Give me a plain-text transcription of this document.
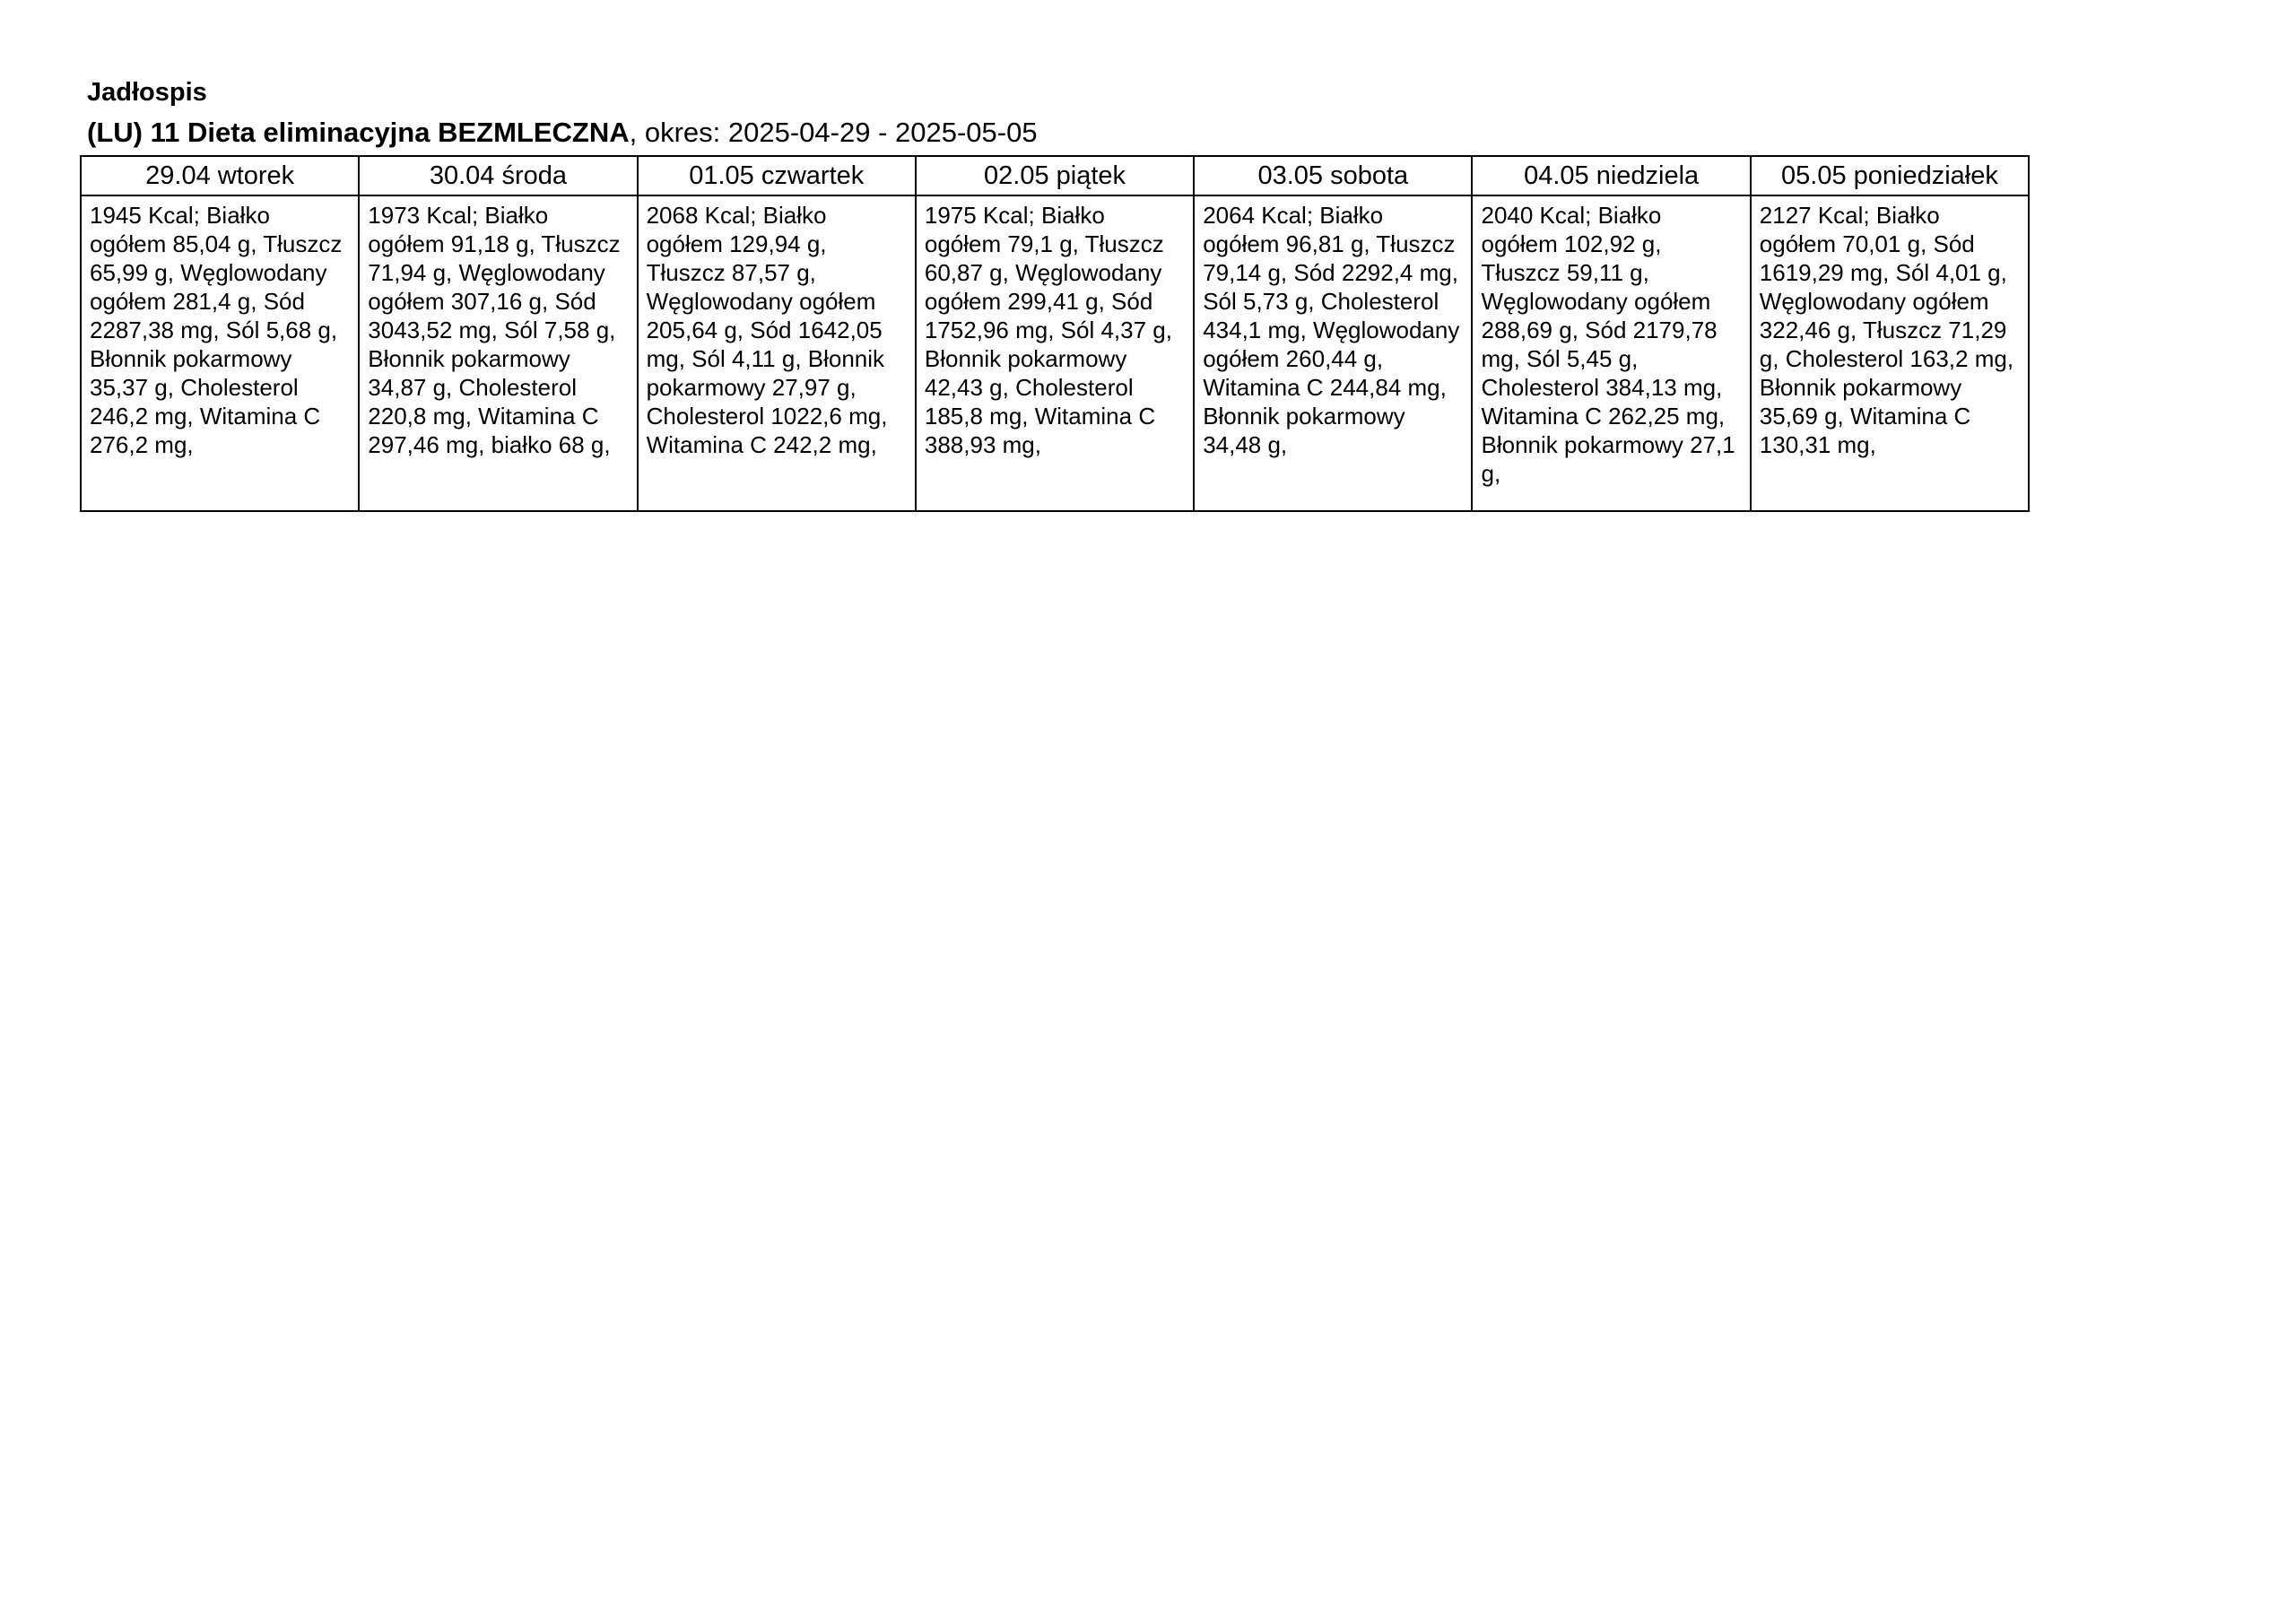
Jadłospis
(LU) 11 Dieta eliminacyjna BEZMLECZNA, okres: 2025-04-29 - 2025-05-05
29.04 wtorek	30.04 środa	01.05 czwartek	02.05 piątek	03.05 sobota	04.05 niedziela	05.05 poniedziałek
1945 Kcal; Białko ogółem 85,04 g, Tłuszcz 65,99 g, Węglowodany ogółem 281,4 g, Sód 2287,38 mg, Sól 5,68 g, Błonnik pokarmowy 35,37 g, Cholesterol 246,2 mg, Witamina C 276,2 mg,	1973 Kcal; Białko ogółem 91,18 g, Tłuszcz 71,94 g, Węglowodany ogółem 307,16 g, Sód 3043,52 mg, Sól 7,58 g, Błonnik pokarmowy 34,87 g, Cholesterol 220,8 mg, Witamina C 297,46 mg, białko 68 g,	2068 Kcal; Białko ogółem 129,94 g, Tłuszcz 87,57 g, Węglowodany ogółem 205,64 g, Sód 1642,05 mg, Sól 4,11 g, Błonnik pokarmowy 27,97 g, Cholesterol 1022,6 mg, Witamina C 242,2 mg,	1975 Kcal; Białko ogółem 79,1 g, Tłuszcz 60,87 g, Węglowodany ogółem 299,41 g, Sód 1752,96 mg, Sól 4,37 g, Błonnik pokarmowy 42,43 g, Cholesterol 185,8 mg, Witamina C 388,93 mg,	2064 Kcal; Białko ogółem 96,81 g, Tłuszcz 79,14 g, Sód 2292,4 mg, Sól 5,73 g, Cholesterol 434,1 mg, Węglowodany ogółem 260,44 g, Witamina C 244,84 mg, Błonnik pokarmowy 34,48 g,	2040 Kcal; Białko ogółem 102,92 g, Tłuszcz 59,11 g, Węglowodany ogółem 288,69 g, Sód 2179,78 mg, Sól 5,45 g, Cholesterol 384,13 mg, Witamina C 262,25 mg, Błonnik pokarmowy 27,1 g,	2127 Kcal; Białko ogółem 70,01 g, Sód 1619,29 mg, Sól 4,01 g, Węglowodany ogółem 322,46 g, Tłuszcz 71,29 g, Cholesterol 163,2 mg, Błonnik pokarmowy 35,69 g, Witamina C 130,31 mg,
